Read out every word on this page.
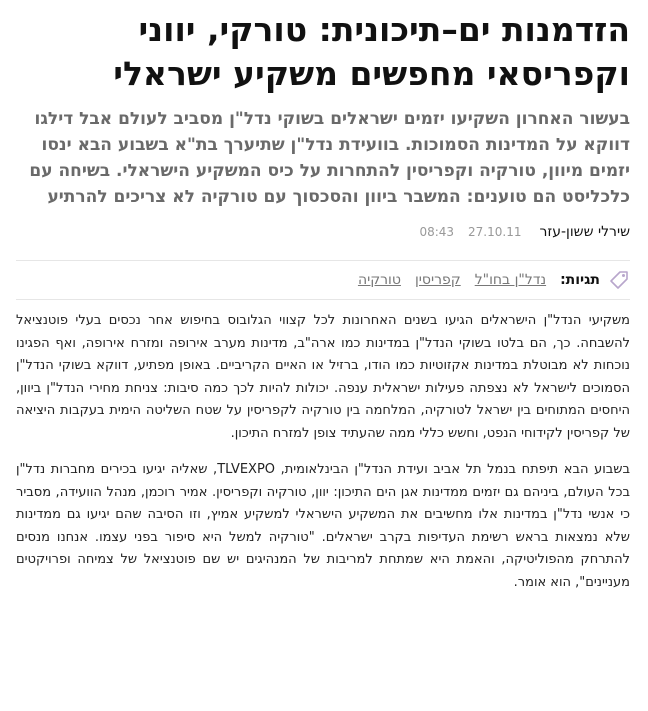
הזדמנות ים–תיכונית: טורקי, יווני וקפריסאי מחפשים משקיע ישראלי
בעשור האחרון השקיעו יזמים ישראלים בשוקי נדל"ן מסביב לעולם אבל דילגו דווקא על המדינות הסמוכות. בוועידת נדל"ן שתיערך בת"א בשבוע הבא ינסו יזמים מיוון, טורקיה וקפריסין להתחרות על כיס המשקיע הישראלי. בשיחה עם כלכליסט הם טוענים: המשבר ביוון והסכסוך עם טורקיה לא צריכים להרתיע
שירלי ששון-עזר
27.10.11
08:43
תגיות:
נדל"ן בחו"ל
קפריסין
טורקיה

משקיעי הנדל"ן הישראלים הגיעו בשנים האחרונות לכל קצווי הגלובוס בחיפוש אחר נכסים בעלי פוטנציאל להשבחה. כך, הם בלטו בשוקי הנדל"ן במדינות כמו ארה"ב, מדינות מערב אירופה ומזרח אירופה, ואף הפגינו נוכחות לא מבוטלת במדינות אקזוטיות כמו הודו, ברזיל או האיים הקריביים. באופן מפתיע, דווקא בשוקי הנדל"ן הסמוכים לישראל לא נצפתה פעילות ישראלית ענפה. יכולות להיות לכך כמה סיבות: צניחת מחירי הנדל"ן ביוון, היחסים המתוחים בין ישראל לטורקיה, המלחמה בין טורקיה לקפריסין על שטח השליטה הימית בעקבות היציאה של קפריסין לקידוחי הנפט, וחשש כללי ממה שהעתיד צופן למזרח התיכון.

בשבוע הבא תיפתח בנמל תל אביב ועידת הנדל"ן הבינלאומית, TLVEXPO, שאליה יגיעו בכירים מחברות נדל"ן בכל העולם, ביניהם גם יזמים ממדינות אגן הים התיכון: יוון, טורקיה וקפריסין. אמיר רוכמן, מנהל הוועידה, מסביר כי אנשי נדל"ן במדינות אלו מחשיבים את המשקיע הישראלי למשקיע אמיץ, וזו הסיבה שהם יגיעו גם ממדינות שלא נמצאות בראש רשימת העדיפות בקרב ישראלים. "טורקיה למשל היא סיפור בפני עצמו. אנחנו מנסים להתרחק מהפוליטיקה, והאמת היא שמתחת למריבות של המנהיגים יש שם פוטנציאל של צמיחה ופרויקטים מעניינים", הוא אומר.
